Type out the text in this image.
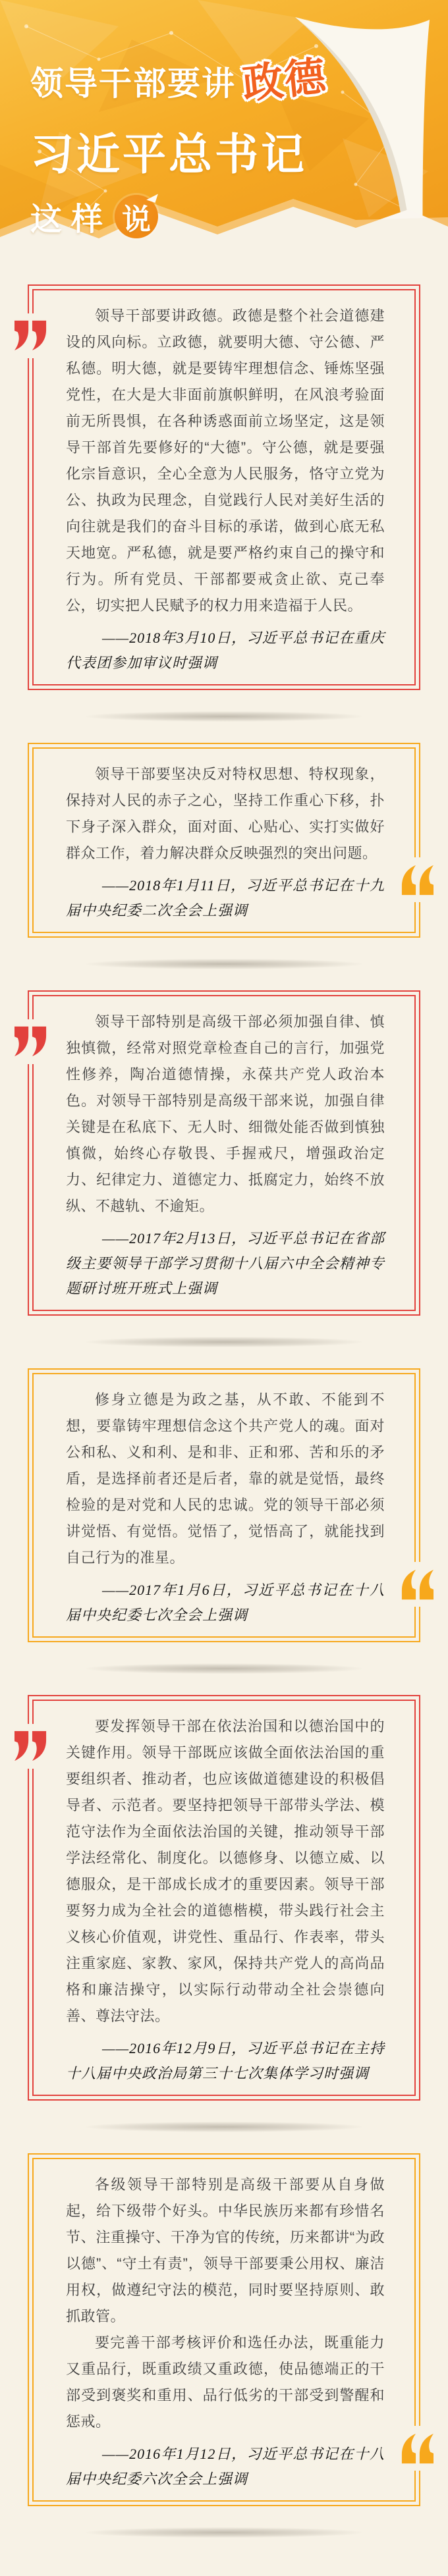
领导干部要讲 政德
习近平总书记
这样 说

领导干部要讲政德。政德是整个社会道德建设的风向标。立政德，就要明大德、守公德、严私德。明大德，就是要铸牢理想信念、锤炼坚强党性，在大是大非面前旗帜鲜明，在风浪考验面前无所畏惧，在各种诱惑面前立场坚定，这是领导干部首先要修好的“大德”。守公德，就是要强化宗旨意识，全心全意为人民服务，恪守立党为公、执政为民理念，自觉践行人民对美好生活的向往就是我们的奋斗目标的承诺，做到心底无私天地宽。严私德，就是要严格约束自己的操守和行为。所有党员、干部都要戒贪止欲、克己奉公，切实把人民赋予的权力用来造福于人民。

——2018年3月10日，习近平总书记在重庆代表团参加审议时强调

领导干部要坚决反对特权思想、特权现象，保持对人民的赤子之心，坚持工作重心下移，扑下身子深入群众，面对面、心贴心、实打实做好群众工作，着力解决群众反映强烈的突出问题。

——2018年1月11日，习近平总书记在十九届中央纪委二次全会上强调

领导干部特别是高级干部必须加强自律、慎独慎微，经常对照党章检查自己的言行，加强党性修养，陶冶道德情操，永葆共产党人政治本色。对领导干部特别是高级干部来说，加强自律关键是在私底下、无人时、细微处能否做到慎独慎微，始终心存敬畏、手握戒尺，增强政治定力、纪律定力、道德定力、抵腐定力，始终不放纵、不越轨、不逾矩。

——2017年2月13日，习近平总书记在省部级主要领导干部学习贯彻十八届六中全会精神专题研讨班开班式上强调

修身立德是为政之基，从不敢、不能到不想，要靠铸牢理想信念这个共产党人的魂。面对公和私、义和利、是和非、正和邪、苦和乐的矛盾，是选择前者还是后者，靠的就是觉悟，最终检验的是对党和人民的忠诚。党的领导干部必须讲觉悟、有觉悟。觉悟了，觉悟高了，就能找到自己行为的准星。

——2017年1月6日，习近平总书记在十八届中央纪委七次全会上强调

要发挥领导干部在依法治国和以德治国中的关键作用。领导干部既应该做全面依法治国的重要组织者、推动者，也应该做道德建设的积极倡导者、示范者。要坚持把领导干部带头学法、模范守法作为全面依法治国的关键，推动领导干部学法经常化、制度化。以德修身、以德立威、以德服众，是干部成长成才的重要因素。领导干部要努力成为全社会的道德楷模，带头践行社会主义核心价值观，讲党性、重品行、作表率，带头注重家庭、家教、家风，保持共产党人的高尚品格和廉洁操守，以实际行动带动全社会崇德向善、尊法守法。

——2016年12月9日，习近平总书记在主持十八届中央政治局第三十七次集体学习时强调

各级领导干部特别是高级干部要从自身做起，给下级带个好头。中华民族历来都有珍惜名节、注重操守、干净为官的传统，历来都讲“为政以德”、“守土有责”，领导干部要秉公用权、廉洁用权，做遵纪守法的模范，同时要坚持原则、敢抓敢管。

要完善干部考核评价和选任办法，既重能力又重品行，既重政绩又重政德，使品德端正的干部受到褒奖和重用、品行低劣的干部受到警醒和惩戒。

——2016年1月12日，习近平总书记在十八届中央纪委六次全会上强调
